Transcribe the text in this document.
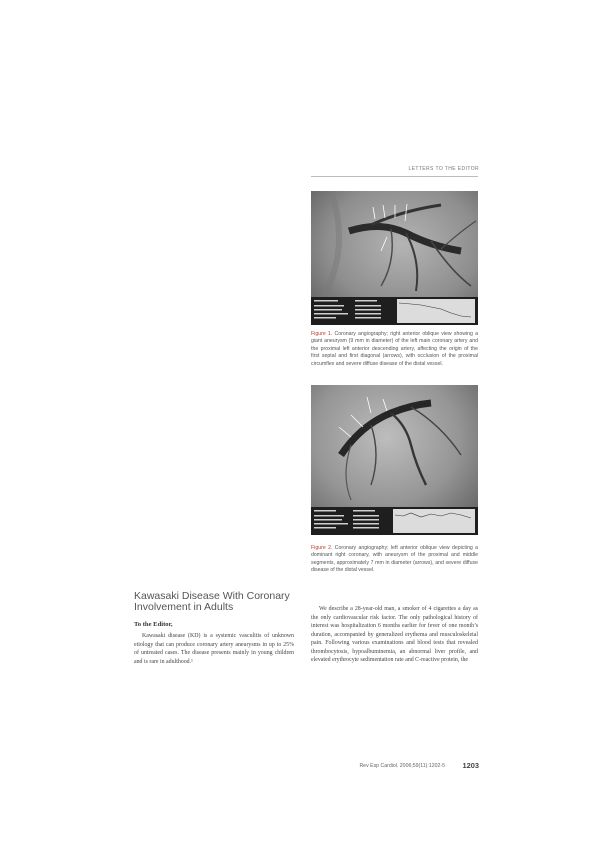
LETTERS TO THE EDITOR
Figure 1. Coronary angiography; right anterior oblique view showing a giant aneurysm (9 mm in diameter) of the left main coronary artery and the proximal left anterior descending artery, affecting the origin of the first septal and first diagonal (arrows), with occlusion of the proximal circumflex and severe diffuse disease of the distal vessel.
Figure 2. Coronary angiography; left anterior oblique view depicting a dominant right coronary, with aneurysm of the proximal and middle segments, approximately 7 mm in diameter (arrows), and severe diffuse disease of the distal vessel.
Kawasaki Disease With Coronary Involvement in Adults
To the Editor,
Kawasaki disease (KD) is a systemic vasculitis of unknown etiology that can produce coronary artery aneurysms in up to 25% of untreated cases. The disease presents mainly in young children and is rare in adulthood.¹
We describe a 28-year-old man, a smoker of 4 cigarettes a day as the only cardiovascular risk factor. The only pathological history of interest was hospitalization 6 months earlier for fever of one month’s duration, accompanied by generalized erythema and musculoskeletal pain. Following various examinations and blood tests that revealed thrombocytosis, hypoalbuminemia, an abnormal liver profile, and elevated erythrocyte sedimentation rate and C-reactive protein, the
Rev Esp Cardiol. 2006;59(11):1202-5	1203
